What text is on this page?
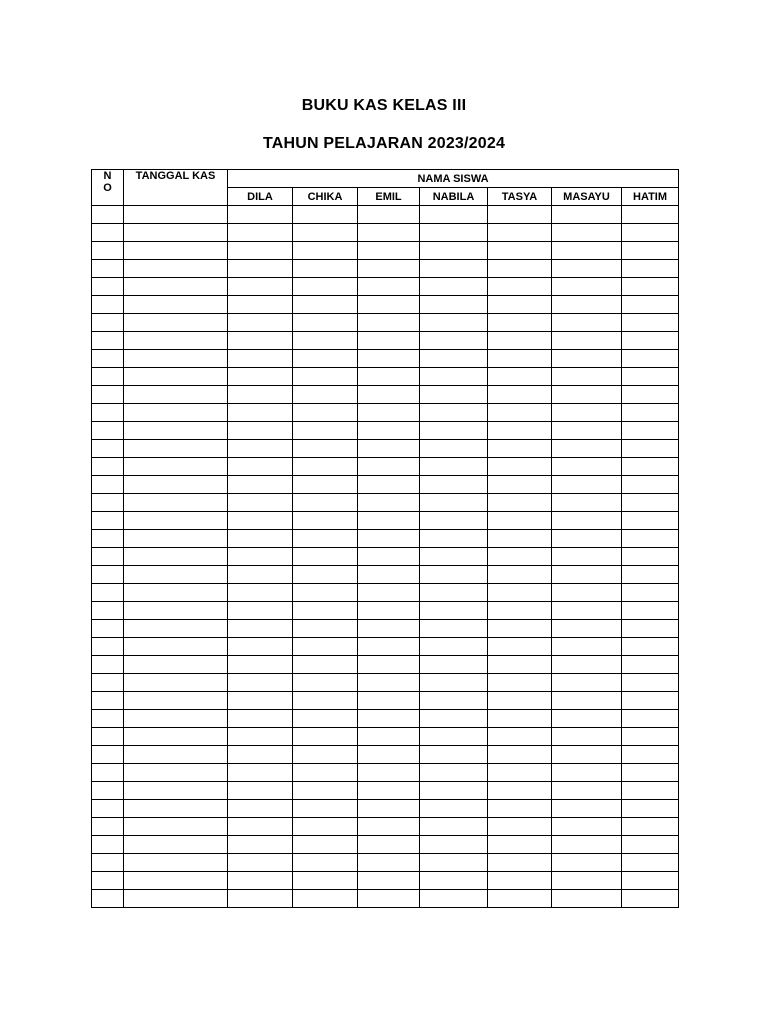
BUKU KAS KELAS III
TAHUN PELAJARAN 2023/2024
N
O	TANGGAL KAS	NAMA SISWA						
		DILA	CHIKA	EMIL	NABILA	TASYA	MASAYU	HATIM
